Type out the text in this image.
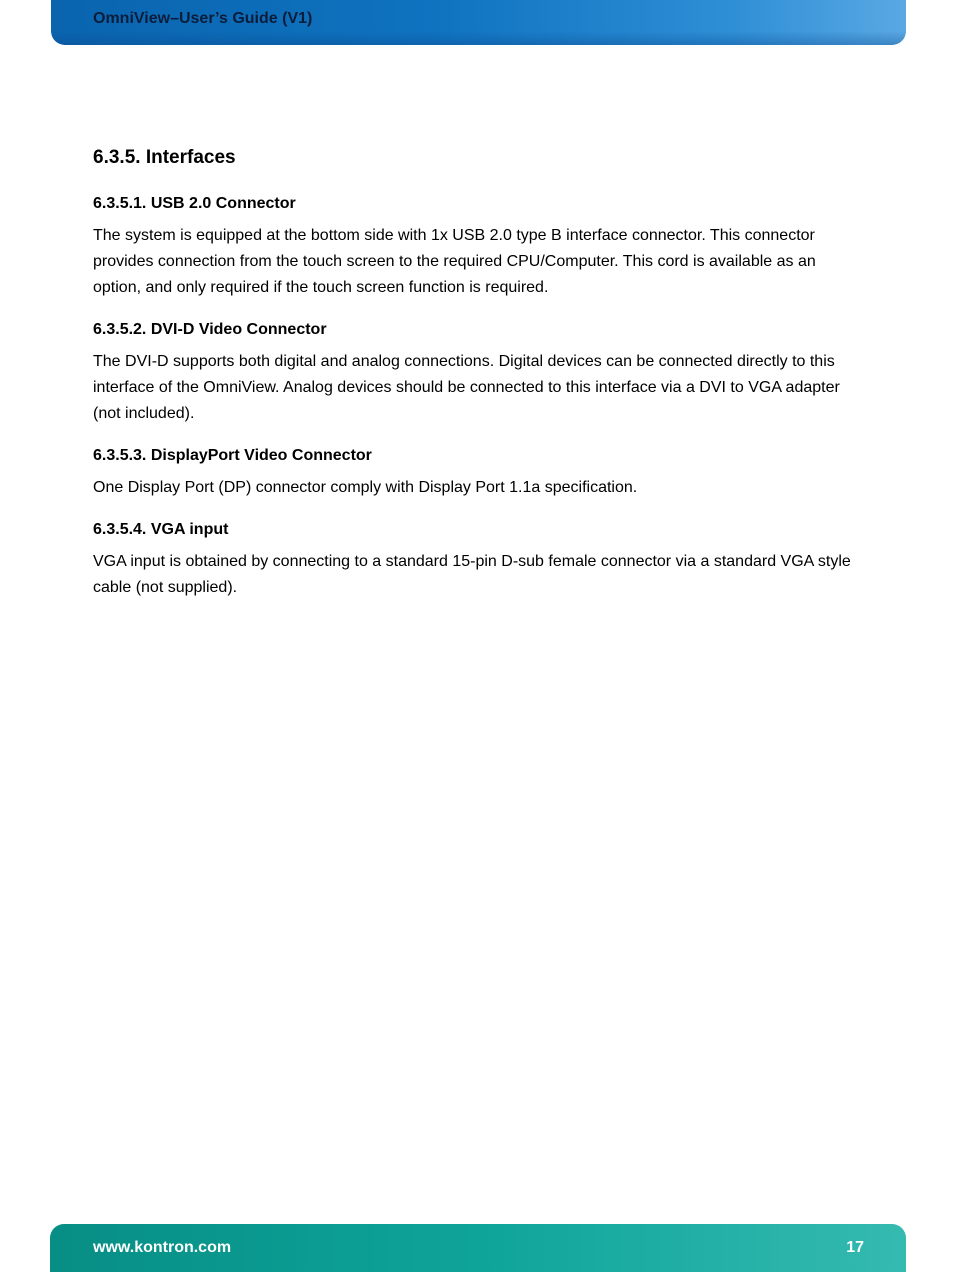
OmniView–User’s Guide (V1)
6.3.5. Interfaces
6.3.5.1. USB 2.0 Connector

The system is equipped at the bottom side with 1x USB 2.0 type B interface connector. This connector provides connection from the touch screen to the required CPU/Computer. This cord is available as an option, and only required if the touch screen function is required.

6.3.5.2. DVI-D Video Connector

The DVI-D supports both digital and analog connections. Digital devices can be connected directly to this interface of the OmniView. Analog devices should be connected to this interface via a DVI to VGA adapter (not included).

6.3.5.3. DisplayPort Video Connector

One Display Port (DP) connector comply with Display Port 1.1a specification.

6.3.5.4. VGA input

VGA input is obtained by connecting to a standard 15-pin D-sub female connector via a standard VGA style cable (not supplied).

www.kontron.com	17
